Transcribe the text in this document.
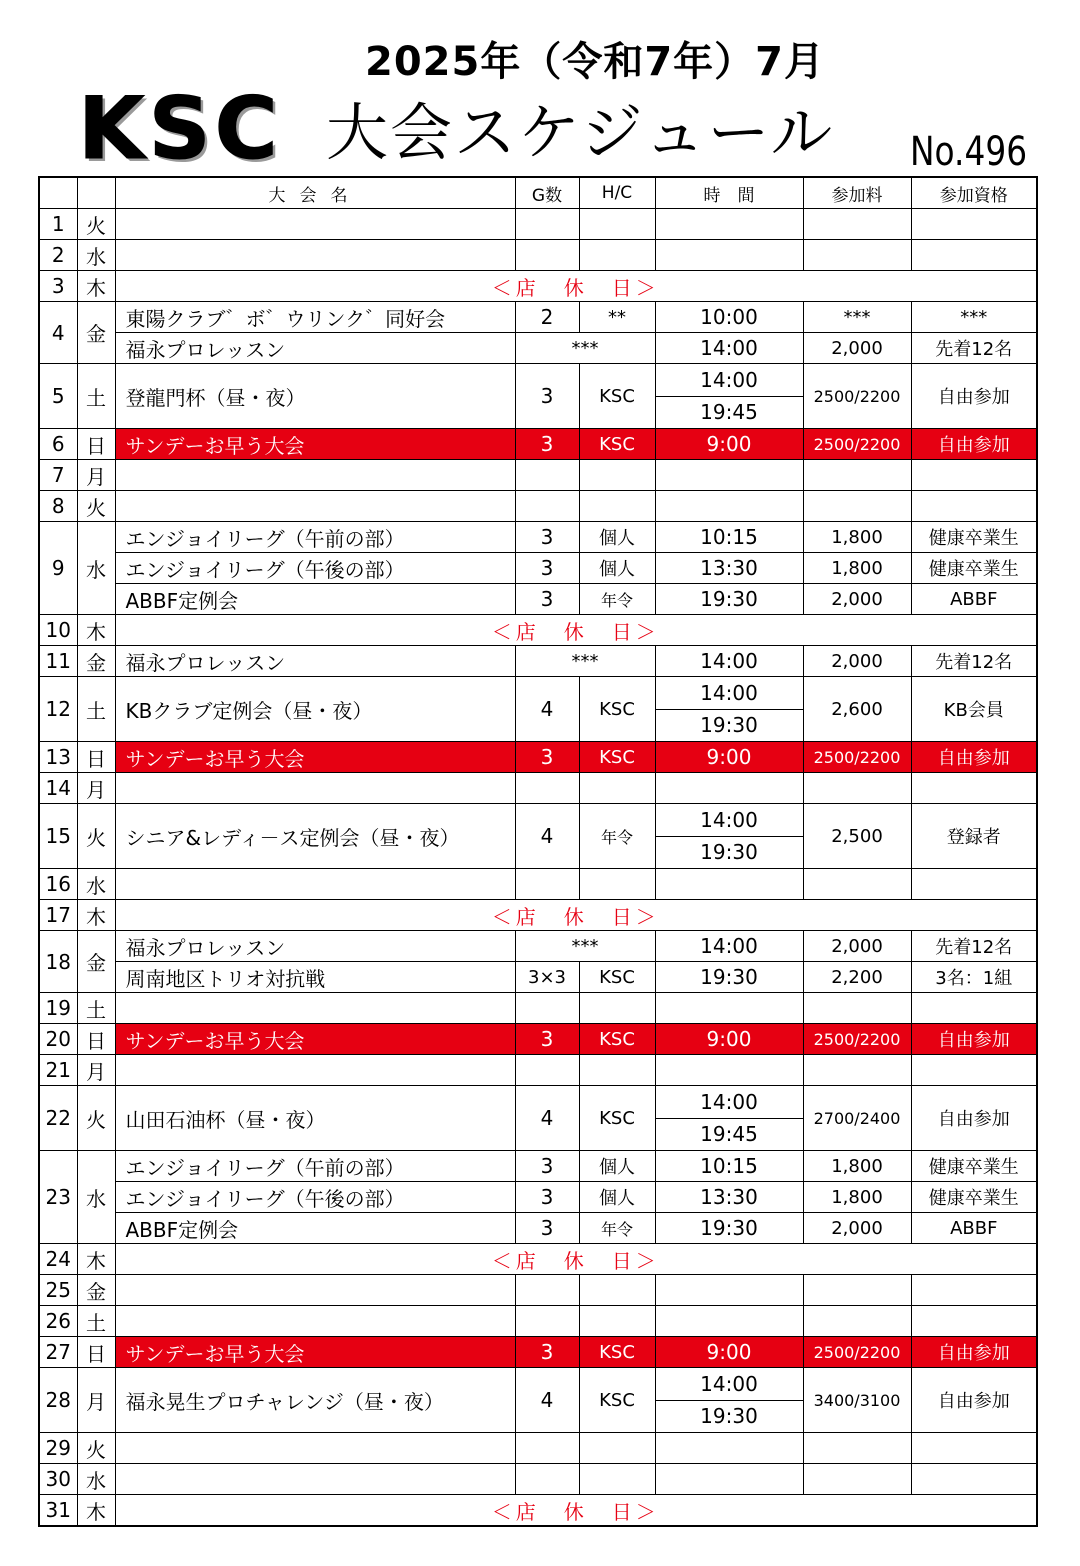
2025年（令和7年）7月
KSC 大会スケジュール No.496
		大会名	G数	H/C	時　間	参加料	参加資格
1	火						
2	水						
3	木	＜店　休　日＞					
4	金	東陽クラブ゛ボ゛ウリンク゛同好会	2	**	10:00	***	***
		福永プロレッスン	***		14:00	2,000	先着12名
5	土	登龍門杯（昼・夜）	3	KSC	14:00
19:45	2500/2200	自由参加
6	日	サンデーお早う大会	3	KSC	9:00	2500/2200	自由参加
7	月						
8	火						
9	水	エンジョイリーグ（午前の部）	3	個人	10:15	1,800	健康卒業生
		エンジョイリーグ（午後の部）	3	個人	13:30	1,800	健康卒業生
		ABBF定例会	3	年令	19:30	2,000	ABBF
10	木	＜店　休　日＞					
11	金	福永プロレッスン	***		14:00	2,000	先着12名
12	土	KBクラブ定例会（昼・夜）	4	KSC	14:00
19:30	2,600	KB会員
13	日	サンデーお早う大会	3	KSC	9:00	2500/2200	自由参加
14	月						
15	火	シニア&レディ－ス定例会（昼・夜）	4	年令	14:00
19:30	2,500	登録者
16	水						
17	木	＜店　休　日＞					
18	金	福永プロレッスン	***		14:00	2,000	先着12名
		周南地区トリオ対抗戦	3×3	KSC	19:30	2,200	3名：1組
19	土						
20	日	サンデーお早う大会	3	KSC	9:00	2500/2200	自由参加
21	月						
22	火	山田石油杯（昼・夜）	4	KSC	14:00
19:45	2700/2400	自由参加
23	水	エンジョイリーグ（午前の部）	3	個人	10:15	1,800	健康卒業生
		エンジョイリーグ（午後の部）	3	個人	13:30	1,800	健康卒業生
		ABBF定例会	3	年令	19:30	2,000	ABBF
24	木	＜店　休　日＞					
25	金						
26	土						
27	日	サンデーお早う大会	3	KSC	9:00	2500/2200	自由参加
28	月	福永晃生プロチャレンジ（昼・夜）	4	KSC	14:00
19:30	3400/3100	自由参加
29	火						
30	水						
31	木	＜店　休　日＞					
